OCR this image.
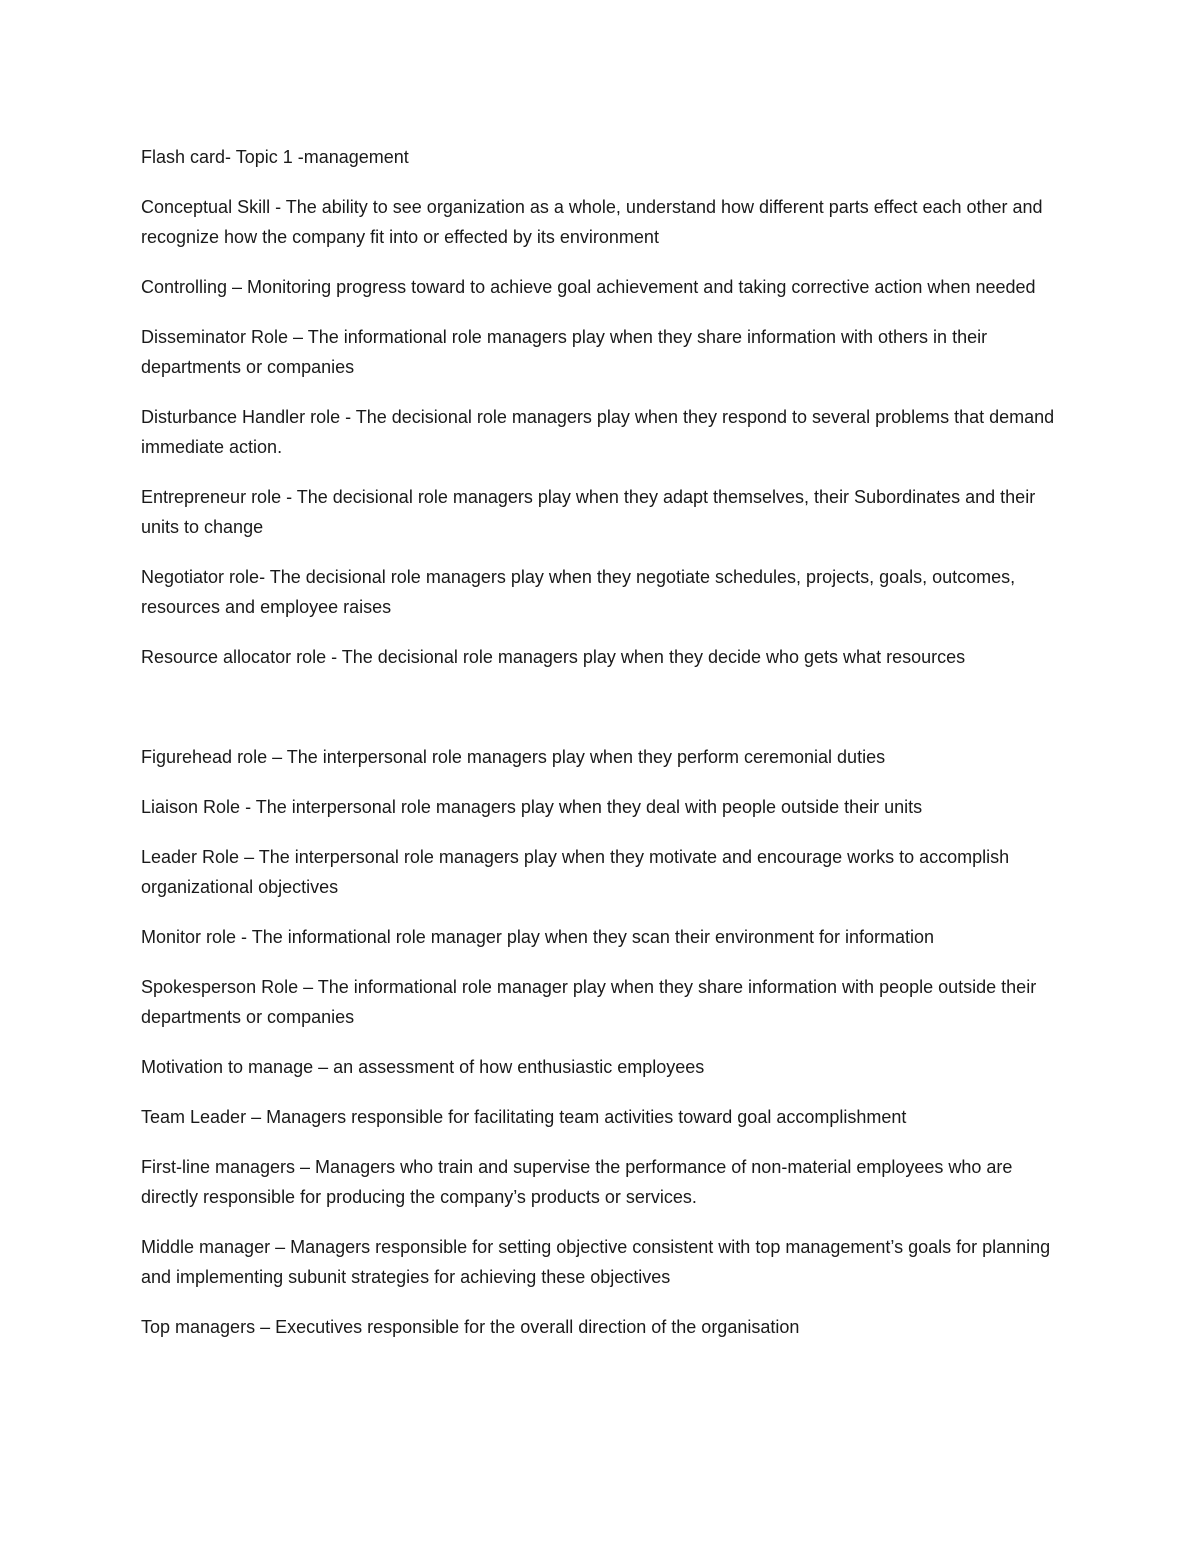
Flash card- Topic 1 -management

Conceptual Skill - The ability to see organization as a whole, understand how different parts effect each other and recognize how the company fit into or effected by its environment

Controlling – Monitoring progress toward to achieve goal achievement and taking corrective action when needed

Disseminator Role – The informational role managers play when they share information with others in their departments or companies

Disturbance Handler role - The decisional role managers play when they respond to several problems that demand immediate action.

Entrepreneur role - The decisional role managers play when they adapt themselves, their Subordinates and their units to change

Negotiator role- The decisional role managers play when they negotiate schedules, projects, goals, outcomes, resources and employee raises

Resource allocator role - The decisional role managers play when they decide who gets what resources

Figurehead role – The interpersonal role managers play when they perform ceremonial duties

Liaison Role - The interpersonal role managers play when they deal with people outside their units

Leader Role – The interpersonal role managers play when they motivate and encourage works to accomplish organizational objectives

Monitor role - The informational role manager play when they scan their environment for information

Spokesperson Role – The informational role manager play when they share information with people outside their departments or companies

Motivation to manage – an assessment of how enthusiastic employees

Team Leader – Managers responsible for facilitating team activities toward goal accomplishment

First-line managers – Managers who train and supervise the performance of non-material employees who are directly responsible for producing the company’s products or services.

Middle manager – Managers responsible for setting objective consistent with top management’s goals for planning and implementing subunit strategies for achieving these objectives

Top managers – Executives responsible for the overall direction of the organisation
